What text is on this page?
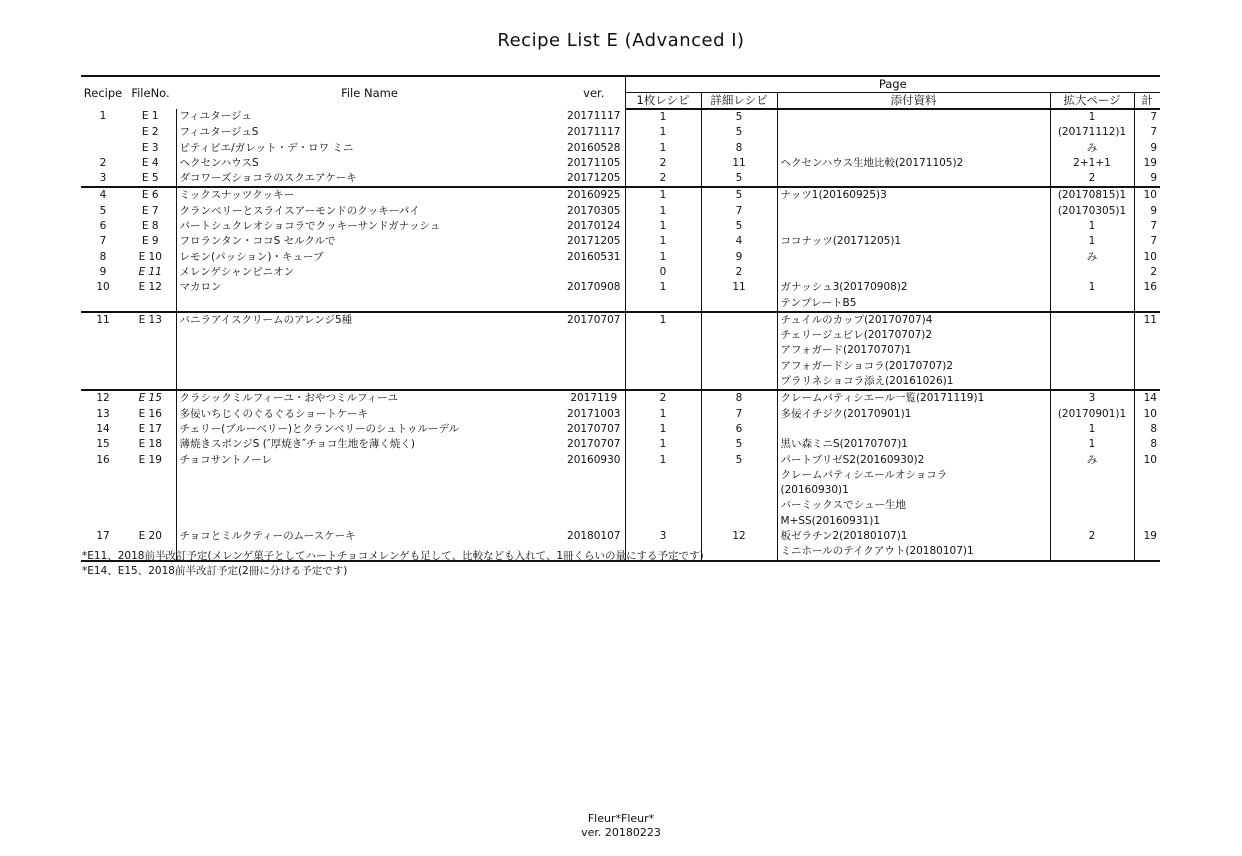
Recipe List E (Advanced I)
Recipe	FileNo.	File Name	ver.	Page				
				1枚レシピ	詳細レシピ	添付資料	拡大ページ	計
1	E 1	フィユタージュ	20171117	1	5		1	7
	E 2	フィユタージュS	20171117	1	5		(20171112)1	7
	E 3	ピティビエ/ガレット・デ・ロワ ミニ	20160528	1	8		み	9
2	E 4	ヘクセンハウスS	20171105	2	11	ヘクセンハウス生地比較(20171105)2	2+1+1	19
3	E 5	ダコワーズショコラのスクエアケーキ	20171205	2	5		2	9
4	E 6	ミックスナッツクッキー	20160925	1	5	ナッツ1(20160925)3	(20170815)1	10
5	E 7	クランベリーとスライスアーモンドのクッキーパイ	20170305	1	7		(20170305)1	9
6	E 8	パートシュクレオショコラでクッキーサンドガナッシュ	20170124	1	5		1	7
7	E 9	フロランタン・ココS セルクルで	20171205	1	4	ココナッツ(20171205)1	1	7
8	E 10	レモン(パッション)・キューブ	20160531	1	9		み	10
9	E 11	メレンゲシャンピニオン		0	2			2
10	E 12	マカロン	20170908	1	11	ガナッシュ3(20170908)2	1	16
						テンプレートB5		
11	E 13	バニラアイスクリームのアレンジ5種	20170707	1		チュイルのカップ(20170707)4		11
						チェリージュビレ(20170707)2		
						アフォガード(20170707)1		
						アフォガードショコラ(20170707)2		
						プラリネショコラ添え(20161026)1		
12	E 15	クラシックミルフィーユ・おやつミルフィーユ	2017119	2	8	クレームパティシエール一覧(20171119)1	3	14
13	E 16	多佞いちじくのぐるぐるショートケーキ	20171003	1	7	多佞イチジク(20170901)1	(20170901)1	10
14	E 17	チェリー(ブルーベリー)とクランベリーのシュトゥルーデル	20170707	1	6		1	8
15	E 18	薄焼きスポンジS (″厚焼き″チョコ生地を薄く焼く)	20170707	1	5	黒い森ミニS(20170707)1	1	8
16	E 19	チョコサントノーレ	20160930	1	5	パートブリゼS2(20160930)2	み	10
						クレームパティシエールオショコラ		
						(20160930)1		
						バーミックスでシュー生地		
						M+SS(20160931)1		
17	E 20	チョコとミルクティーのムースケーキ	20180107	3	12	板ゼラチン2(20180107)1	2	19
						ミニホールのテイクアウト(20180107)1		
*E11、2018前半改訂予定(メレンゲ菓子としてハートチョコメレンゲも足して、比較なども入れて、1冊くらいの量にする予定です)
*E14、E15、2018前半改訂予定(2冊に分ける予定です)
Fleur*Fleur*
ver. 20180223
